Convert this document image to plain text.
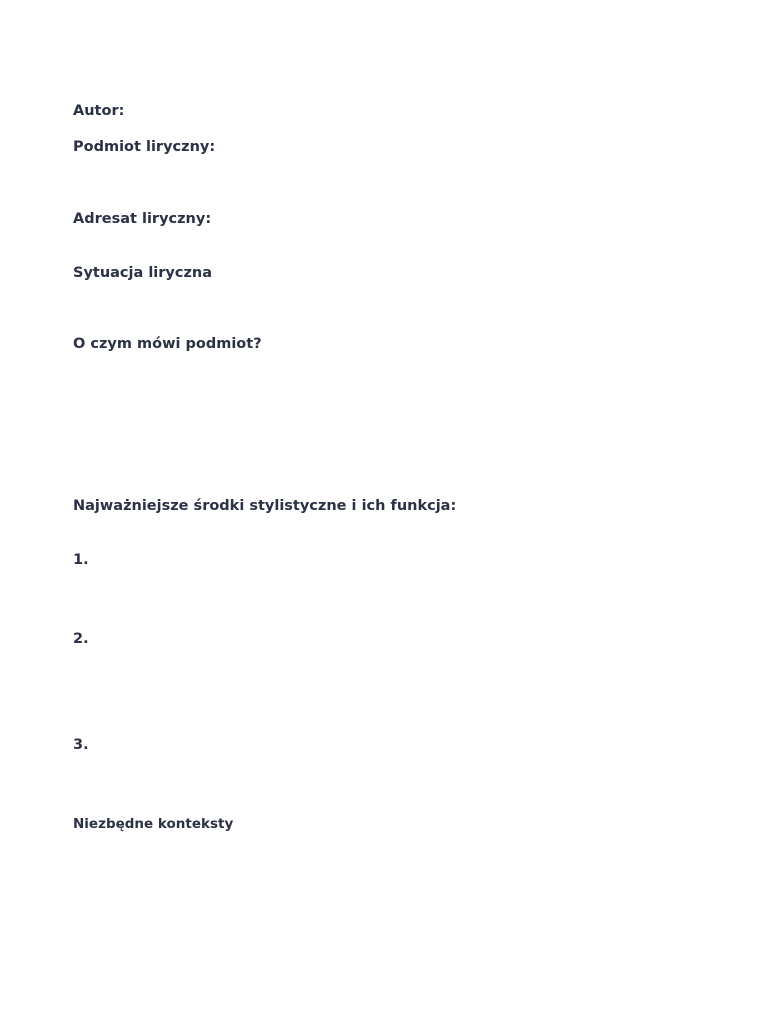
Autor:

Podmiot liryczny:

Adresat liryczny:

Sytuacja liryczna

O czym mówi podmiot?

Najważniejsze środki stylistyczne i ich funkcja:

1.

2.

3.

Niezbędne konteksty
